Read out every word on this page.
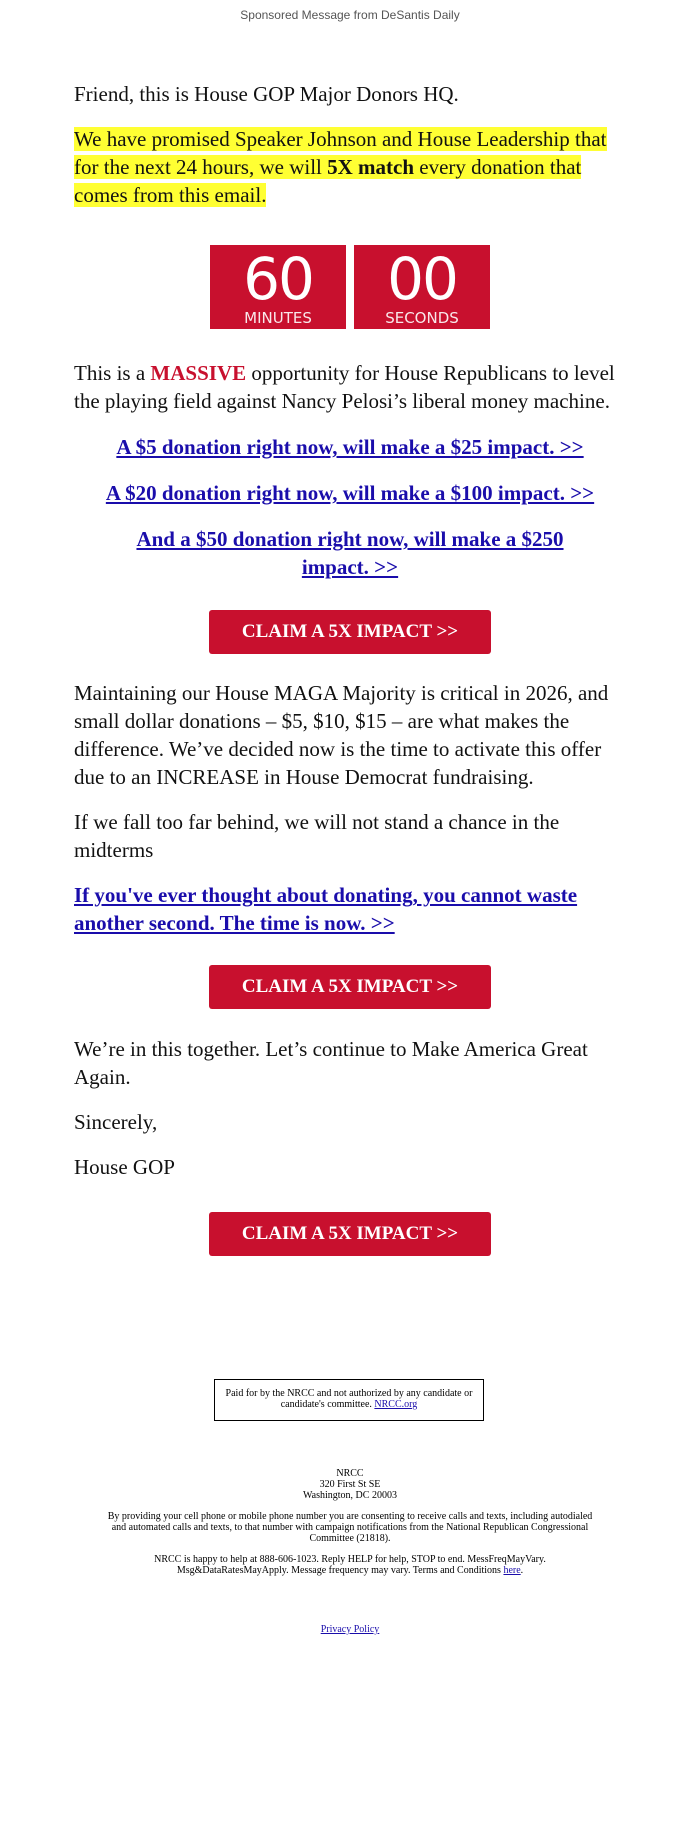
Sponsored Message from DeSantis Daily

Friend, this is House GOP Major Donors HQ.

We have promised Speaker Johnson and House Leadership that for the next 24 hours, we will 5X match every donation that comes from this email.

60
MINUTES
00
SECONDS

This is a MASSIVE opportunity for House Republicans to level the playing field against Nancy Pelosi’s liberal money machine.

A $5 donation right now, will make a $25 impact. >>
A $20 donation right now, will make a $100 impact. >>
And a $50 donation right now, will make a $250 impact. >>
CLAIM A 5X IMPACT >>

Maintaining our House MAGA Majority is critical in 2026, and small dollar donations – $5, $10, $15 – are what makes the difference. We’ve decided now is the time to activate this offer due to an INCREASE in House Democrat fundraising.

If we fall too far behind, we will not stand a chance in the midterms

If you've ever thought about donating, you cannot waste another second. The time is now. >>
CLAIM A 5X IMPACT >>

We’re in this together. Let’s continue to Make America Great Again.

Sincerely,

House GOP

CLAIM A 5X IMPACT >>
Paid for by the NRCC and not authorized by any candidate or candidate's committee. NRCC.org
NRCC
320 First St SE
Washington, DC 20003
By providing your cell phone or mobile phone number you are consenting to receive calls and texts, including autodialed and automated calls and texts, to that number with campaign notifications from the National Republican Congressional Committee (21818).
NRCC is happy to help at 888-606-1023. Reply HELP for help, STOP to end. MessFreqMayVary. Msg&DataRatesMayApply. Message frequency may vary. Terms and Conditions here.
Privacy Policy
